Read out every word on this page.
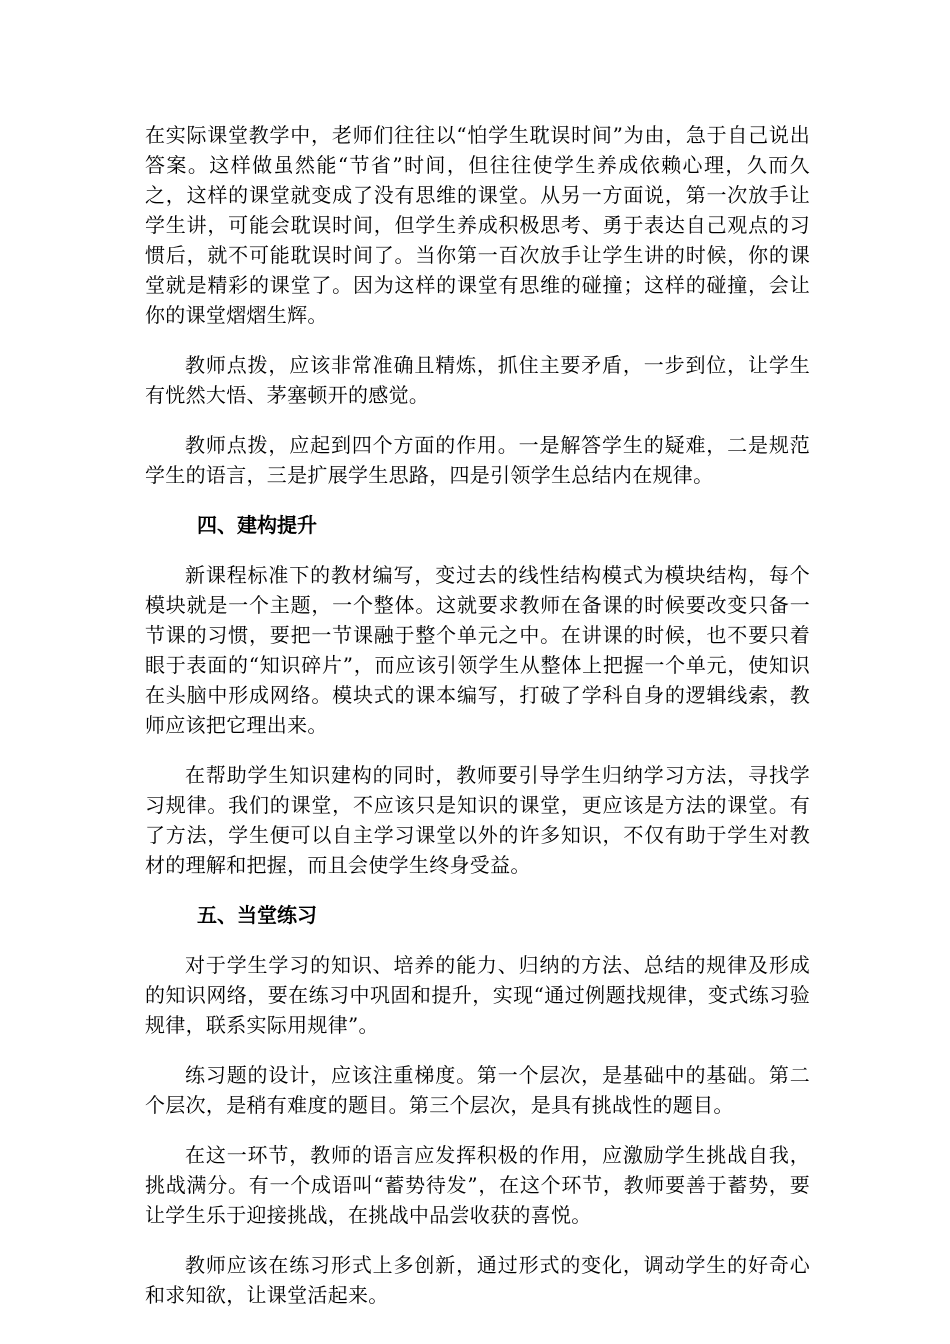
在实际课堂教学中，老师们往往以“怕学生耽误时间”为由，急于自己说出答案。这样做虽然能“节省”时间，但往往使学生养成依赖心理，久而久之，这样的课堂就变成了没有思维的课堂。从另一方面说，第一次放手让学生讲，可能会耽误时间，但学生养成积极思考、勇于表达自己观点的习惯后，就不可能耽误时间了。当你第一百次放手让学生讲的时候，你的课堂就是精彩的课堂了。因为这样的课堂有思维的碰撞；这样的碰撞，会让你的课堂熠熠生辉。

教师点拨，应该非常准确且精炼，抓住主要矛盾，一步到位，让学生有恍然大悟、茅塞顿开的感觉。

教师点拨，应起到四个方面的作用。一是解答学生的疑难，二是规范学生的语言，三是扩展学生思路，四是引领学生总结内在规律。

四、建构提升

新课程标准下的教材编写，变过去的线性结构模式为模块结构，每个模块就是一个主题，一个整体。这就要求教师在备课的时候要改变只备一节课的习惯，要把一节课融于整个单元之中。在讲课的时候，也不要只着眼于表面的“知识碎片”，而应该引领学生从整体上把握一个单元，使知识在头脑中形成网络。模块式的课本编写，打破了学科自身的逻辑线索，教师应该把它理出来。

在帮助学生知识建构的同时，教师要引导学生归纳学习方法，寻找学习规律。我们的课堂，不应该只是知识的课堂，更应该是方法的课堂。有了方法，学生便可以自主学习课堂以外的许多知识，不仅有助于学生对教材的理解和把握，而且会使学生终身受益。

五、当堂练习

对于学生学习的知识、培养的能力、归纳的方法、总结的规律及形成的知识网络，要在练习中巩固和提升，实现“通过例题找规律，变式练习验规律，联系实际用规律”。

练习题的设计，应该注重梯度。第一个层次，是基础中的基础。第二个层次，是稍有难度的题目。第三个层次，是具有挑战性的题目。

在这一环节，教师的语言应发挥积极的作用，应激励学生挑战自我，挑战满分。有一个成语叫“蓄势待发”，在这个环节，教师要善于蓄势，要让学生乐于迎接挑战，在挑战中品尝收获的喜悦。

教师应该在练习形式上多创新，通过形式的变化，调动学生的好奇心和求知欲，让课堂活起来。
